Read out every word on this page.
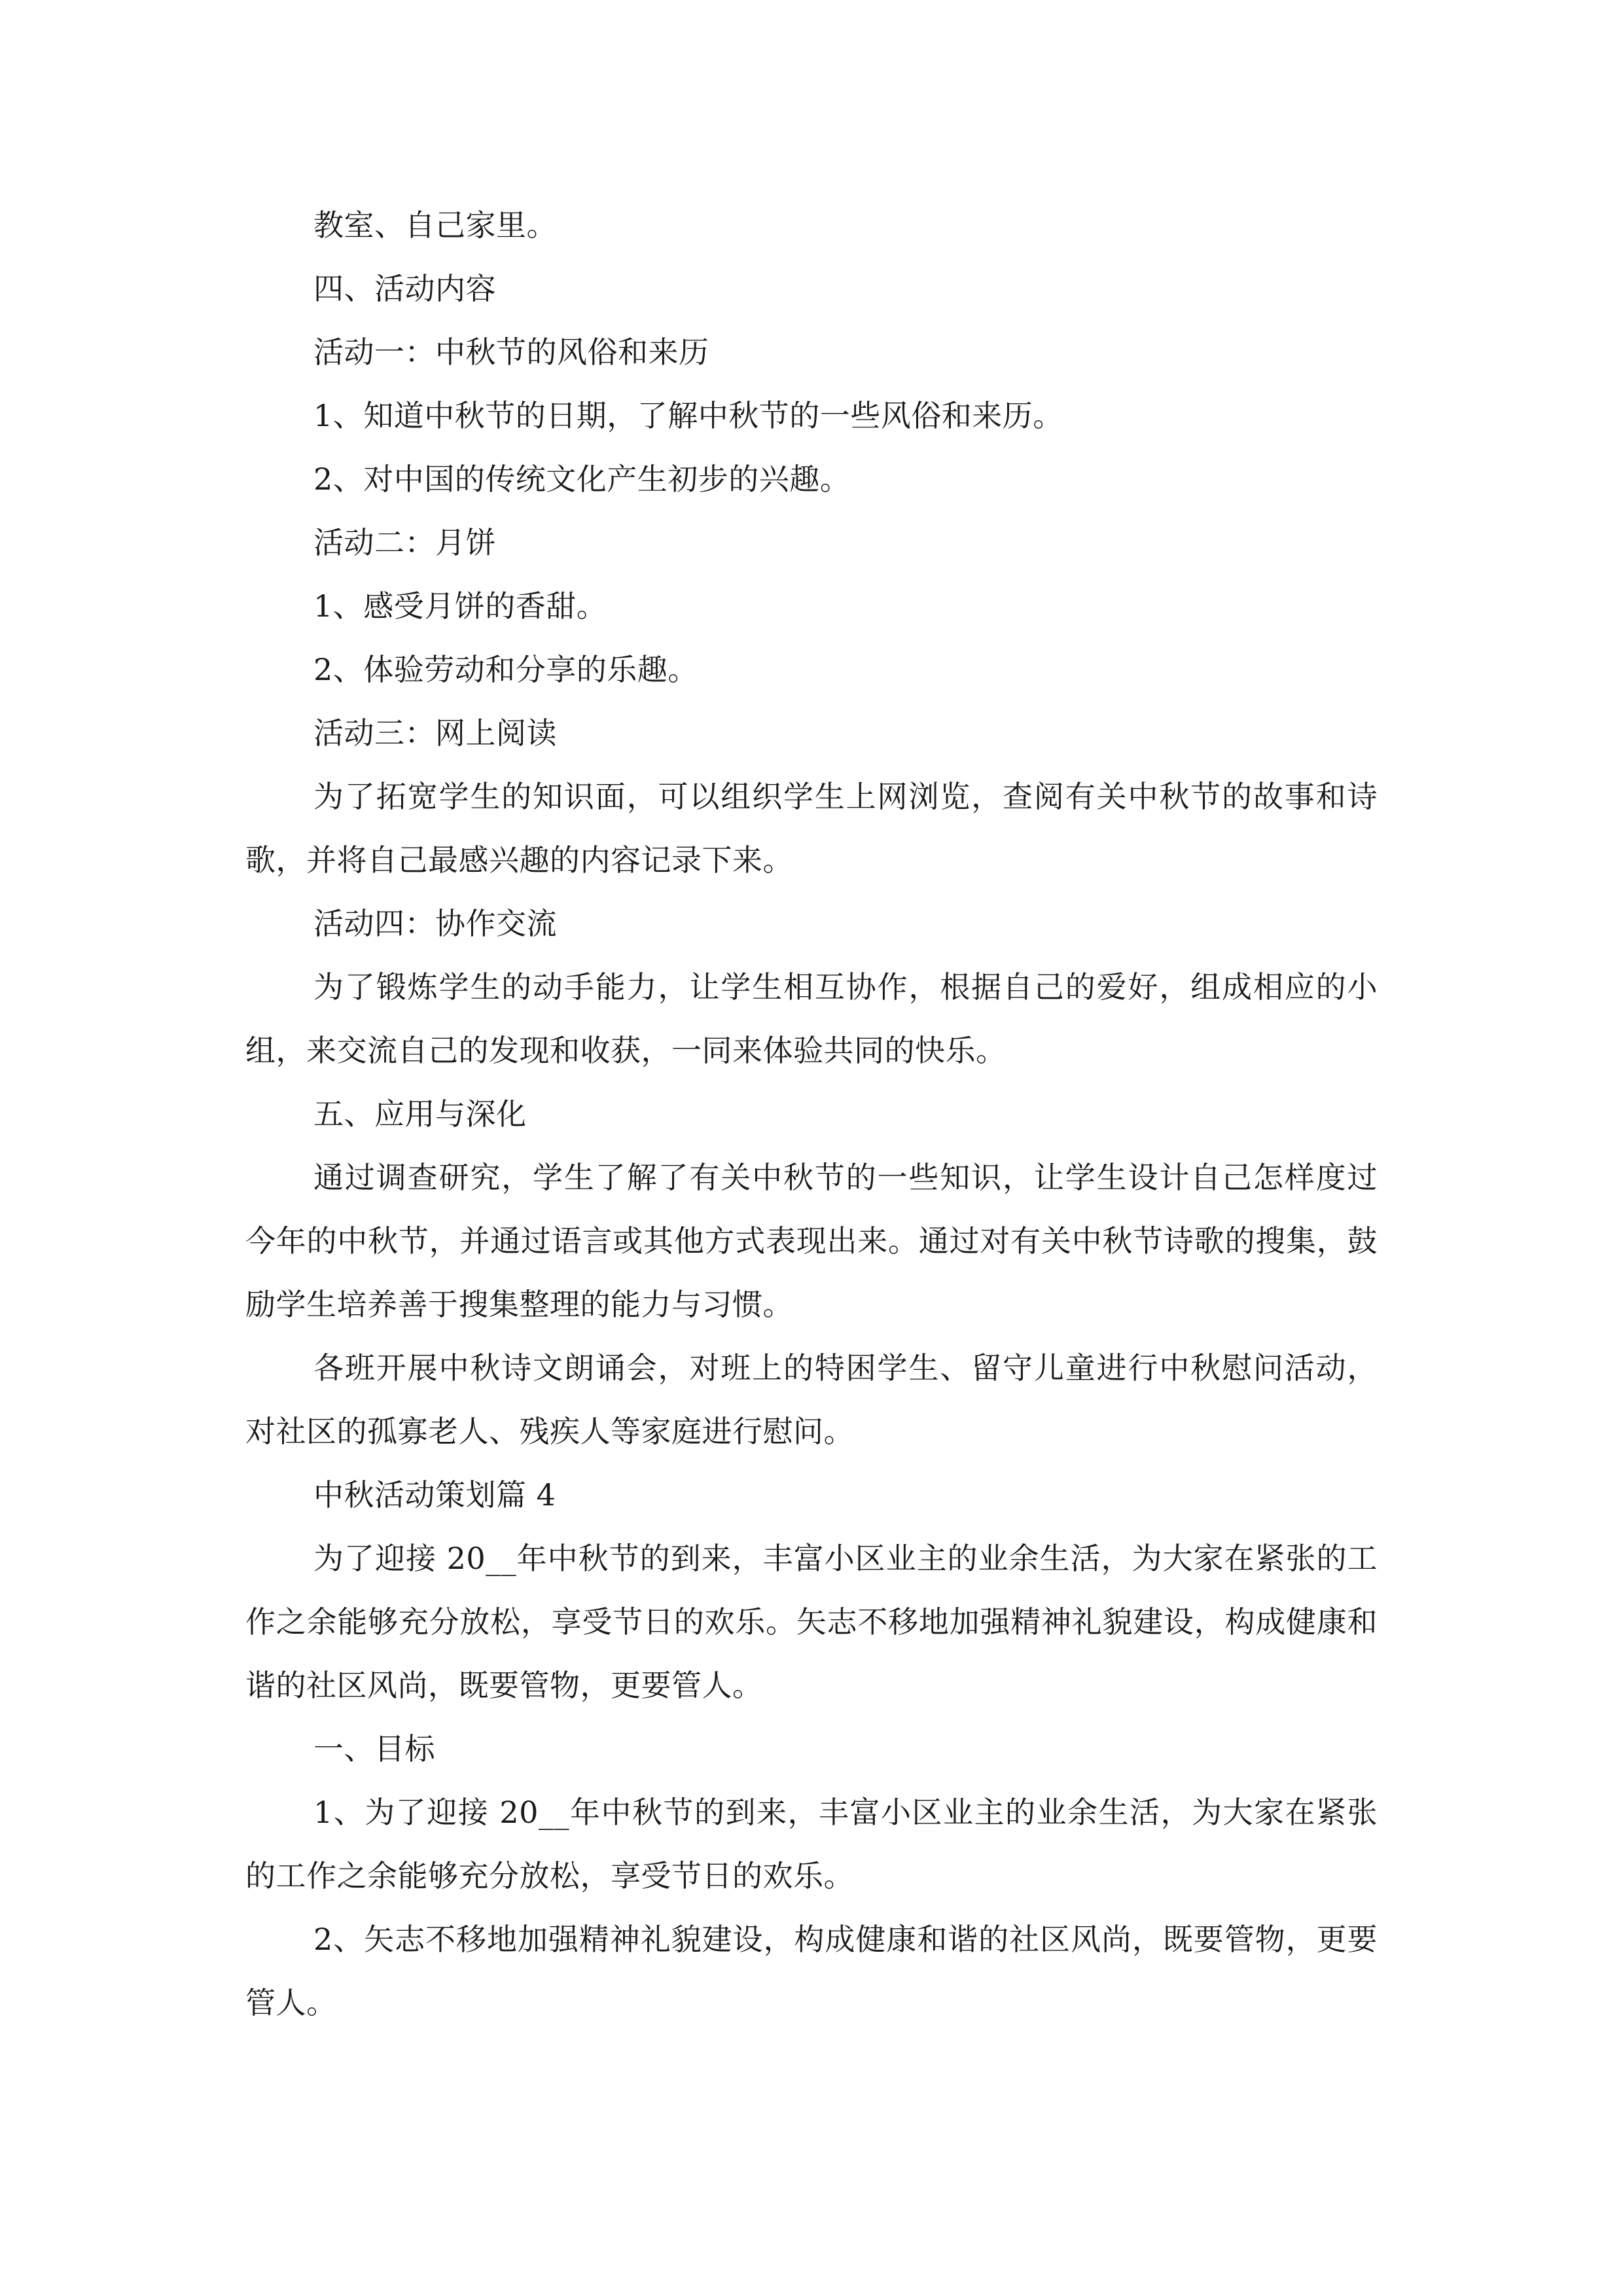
教室、自己家里。

四、活动内容

活动一：中秋节的风俗和来历

1、知道中秋节的日期，了解中秋节的一些风俗和来历。

2、对中国的传统文化产生初步的兴趣。

活动二：月饼

1、感受月饼的香甜。

2、体验劳动和分享的乐趣。

活动三：网上阅读

为了拓宽学生的知识面，可以组织学生上网浏览，查阅有关中秋节的故事和诗歌，并将自己最感兴趣的内容记录下来。

活动四：协作交流

为了锻炼学生的动手能力，让学生相互协作，根据自己的爱好，组成相应的小组，来交流自己的发现和收获，一同来体验共同的快乐。

五、应用与深化

通过调查研究，学生了解了有关中秋节的一些知识，让学生设计自己怎样度过今年的中秋节，并通过语言或其他方式表现出来。通过对有关中秋节诗歌的搜集，鼓励学生培养善于搜集整理的能力与习惯。

各班开展中秋诗文朗诵会，对班上的特困学生、留守儿童进行中秋慰问活动，对社区的孤寡老人、残疾人等家庭进行慰问。

中秋活动策划篇 4

为了迎接 20__年中秋节的到来，丰富小区业主的业余生活，为大家在紧张的工作之余能够充分放松，享受节日的欢乐。矢志不移地加强精神礼貌建设，构成健康和谐的社区风尚，既要管物，更要管人。

一、目标

1、为了迎接 20__年中秋节的到来，丰富小区业主的业余生活，为大家在紧张的工作之余能够充分放松，享受节日的欢乐。

2、矢志不移地加强精神礼貌建设，构成健康和谐的社区风尚，既要管物，更要管人。
